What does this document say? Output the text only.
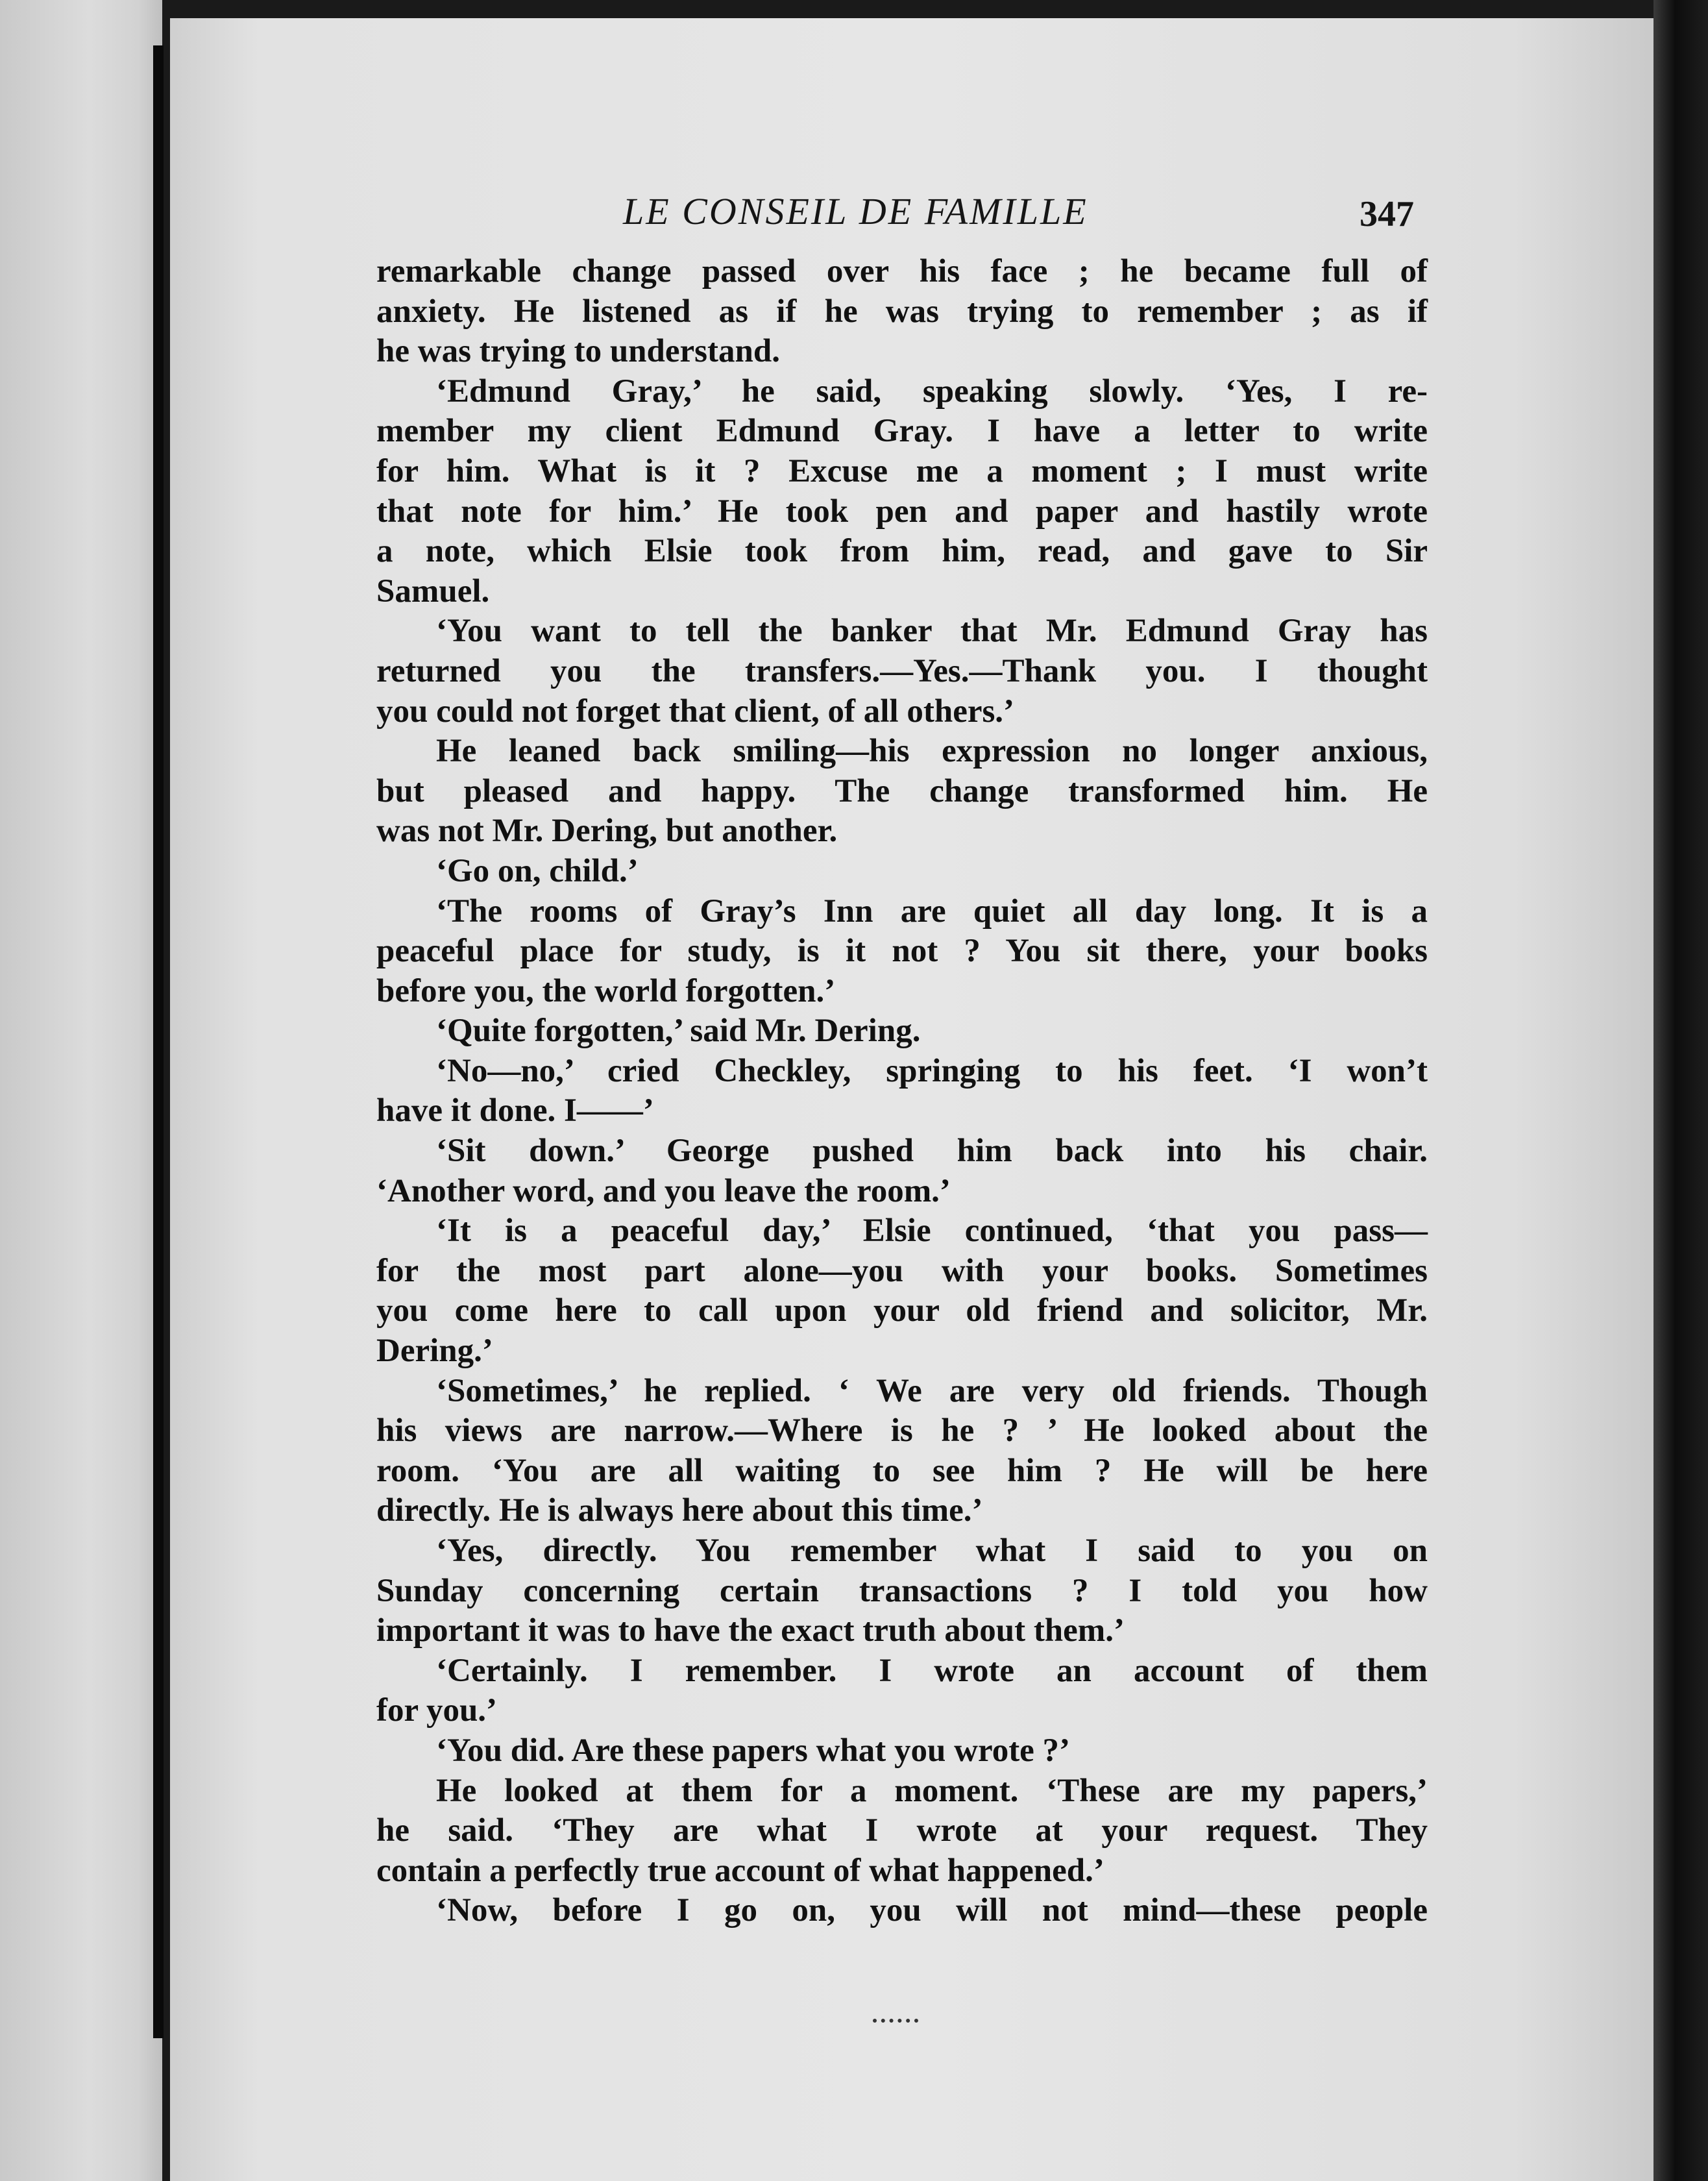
LE CONSEIL DE FAMILLE	347
remarkable change passed over his face ; he became full of
anxiety. He listened as if he was trying to remember ; as if
he was trying to understand.
‘Edmund Gray,’ he said, speaking slowly. ‘Yes, I re-
member my client Edmund Gray. I have a letter to write
for him. What is it ? Excuse me a moment ; I must write
that note for him.’ He took pen and paper and hastily wrote
a note, which Elsie took from him, read, and gave to Sir
Samuel.
‘You want to tell the banker that Mr. Edmund Gray has
returned you the transfers.—Yes.—Thank you. I thought
you could not forget that client, of all others.’
He leaned back smiling—his expression no longer anxious,
but pleased and happy. The change transformed him. He
was not Mr. Dering, but another.
‘Go on, child.’
‘The rooms of Gray’s Inn are quiet all day long. It is a
peaceful place for study, is it not ? You sit there, your books
before you, the world forgotten.’
‘Quite forgotten,’ said Mr. Dering.
‘No—no,’ cried Checkley, springing to his feet. ‘I won’t
have it done. I——’
‘Sit down.’ George pushed him back into his chair.
‘Another word, and you leave the room.’
‘It is a peaceful day,’ Elsie continued, ‘that you pass—
for the most part alone—you with your books. Sometimes
you come here to call upon your old friend and solicitor, Mr.
Dering.’
‘Sometimes,’ he replied. ‘ We are very old friends. Though
his views are narrow.—Where is he ? ’ He looked about the
room. ‘You are all waiting to see him ? He will be here
directly. He is always here about this time.’
‘Yes, directly. You remember what I said to you on
Sunday concerning certain transactions ? I told you how
important it was to have the exact truth about them.’
‘Certainly. I remember. I wrote an account of them
for you.’
‘You did. Are these papers what you wrote ?’
He looked at them for a moment. ‘These are my papers,’
he said. ‘They are what I wrote at your request. They
contain a perfectly true account of what happened.’
‘Now, before I go on, you will not mind—these people
